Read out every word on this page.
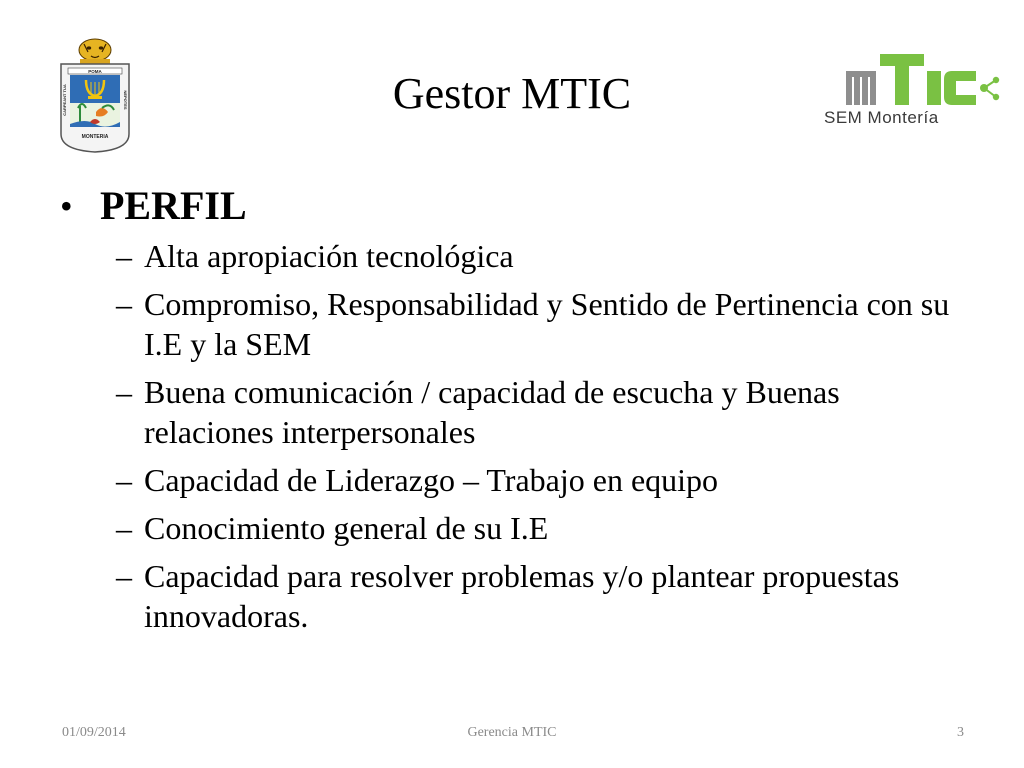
POMA
CARPEANT TUA	NEPOTES
MONTERIA
Gestor MTIC	SEM Montería
• PERFIL
– Alta apropiación tecnológica
– Compromiso, Responsabilidad y Sentido de Pertinencia con su I.E y la SEM
– Buena comunicación / capacidad de escucha y Buenas relaciones interpersonales
– Capacidad de Liderazgo – Trabajo en equipo
– Conocimiento general de su I.E
– Capacidad para resolver problemas y/o plantear propuestas innovadoras.
01/09/2014	Gerencia MTIC	3
